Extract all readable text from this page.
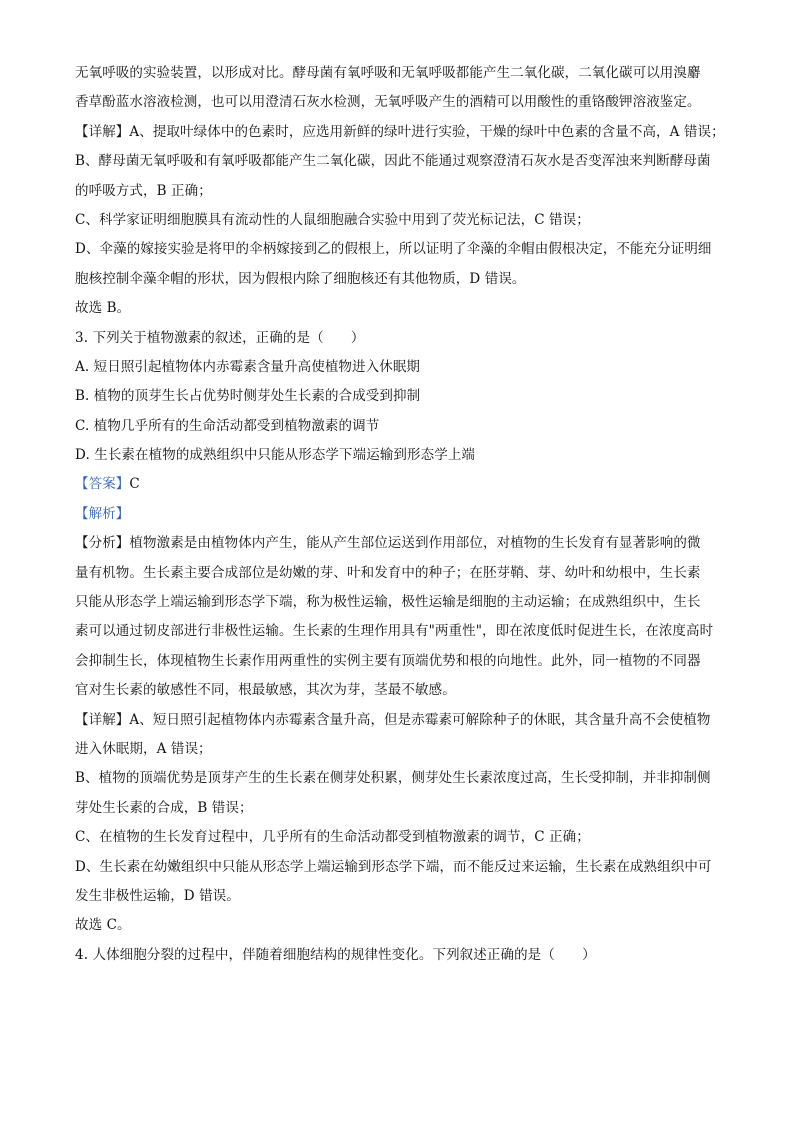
无氧呼吸的实验装置，以形成对比。酵母菌有氧呼吸和无氧呼吸都能产生二氧化碳，二氧化碳可以用溴麝
香草酚蓝水溶液检测，也可以用澄清石灰水检测，无氧呼吸产生的酒精可以用酸性的重铬酸钾溶液鉴定。
【详解】A、提取叶绿体中的色素时，应选用新鲜的绿叶进行实验，干燥的绿叶中色素的含量不高，A 错误；
B、酵母菌无氧呼吸和有氧呼吸都能产生二氧化碳，因此不能通过观察澄清石灰水是否变浑浊来判断酵母菌
的呼吸方式，B 正确；
C、科学家证明细胞膜具有流动性的人鼠细胞融合实验中用到了荧光标记法，C 错误；
D、伞藻的嫁接实验是将甲的伞柄嫁接到乙的假根上，所以证明了伞藻的伞帽由假根决定，不能充分证明细
胞核控制伞藻伞帽的形状，因为假根内除了细胞核还有其他物质，D 错误。
故选 B。
3. 下列关于植物激素的叙述，正确的是（　　）
A. 短日照引起植物体内赤霉素含量升高使植物进入休眠期
B. 植物的顶芽生长占优势时侧芽处生长素的合成受到抑制
C. 植物几乎所有的生命活动都受到植物激素的调节
D. 生长素在植物的成熟组织中只能从形态学下端运输到形态学上端
【答案】C
【解析】
【分析】植物激素是由植物体内产生，能从产生部位运送到作用部位，对植物的生长发育有显著影响的微
量有机物。生长素主要合成部位是幼嫩的芽、叶和发育中的种子；在胚芽鞘、芽、幼叶和幼根中，生长素
只能从形态学上端运输到形态学下端，称为极性运输，极性运输是细胞的主动运输；在成熟组织中，生长
素可以通过韧皮部进行非极性运输。生长素的生理作用具有"两重性"，即在浓度低时促进生长，在浓度高时
会抑制生长，体现植物生长素作用两重性的实例主要有顶端优势和根的向地性。此外，同一植物的不同器
官对生长素的敏感性不同，根最敏感，其次为芽，茎最不敏感。
【详解】A、短日照引起植物体内赤霉素含量升高，但是赤霉素可解除种子的休眠，其含量升高不会使植物
进入休眠期，A 错误；
B、植物的顶端优势是顶芽产生的生长素在侧芽处积累，侧芽处生长素浓度过高，生长受抑制，并非抑制侧
芽处生长素的合成，B 错误；
C、在植物的生长发育过程中，几乎所有的生命活动都受到植物激素的调节，C 正确；
D、生长素在幼嫩组织中只能从形态学上端运输到形态学下端，而不能反过来运输，生长素在成熟组织中可
发生非极性运输，D 错误。
故选 C。
4. 人体细胞分裂的过程中，伴随着细胞结构的规律性变化。下列叙述正确的是（　　）
